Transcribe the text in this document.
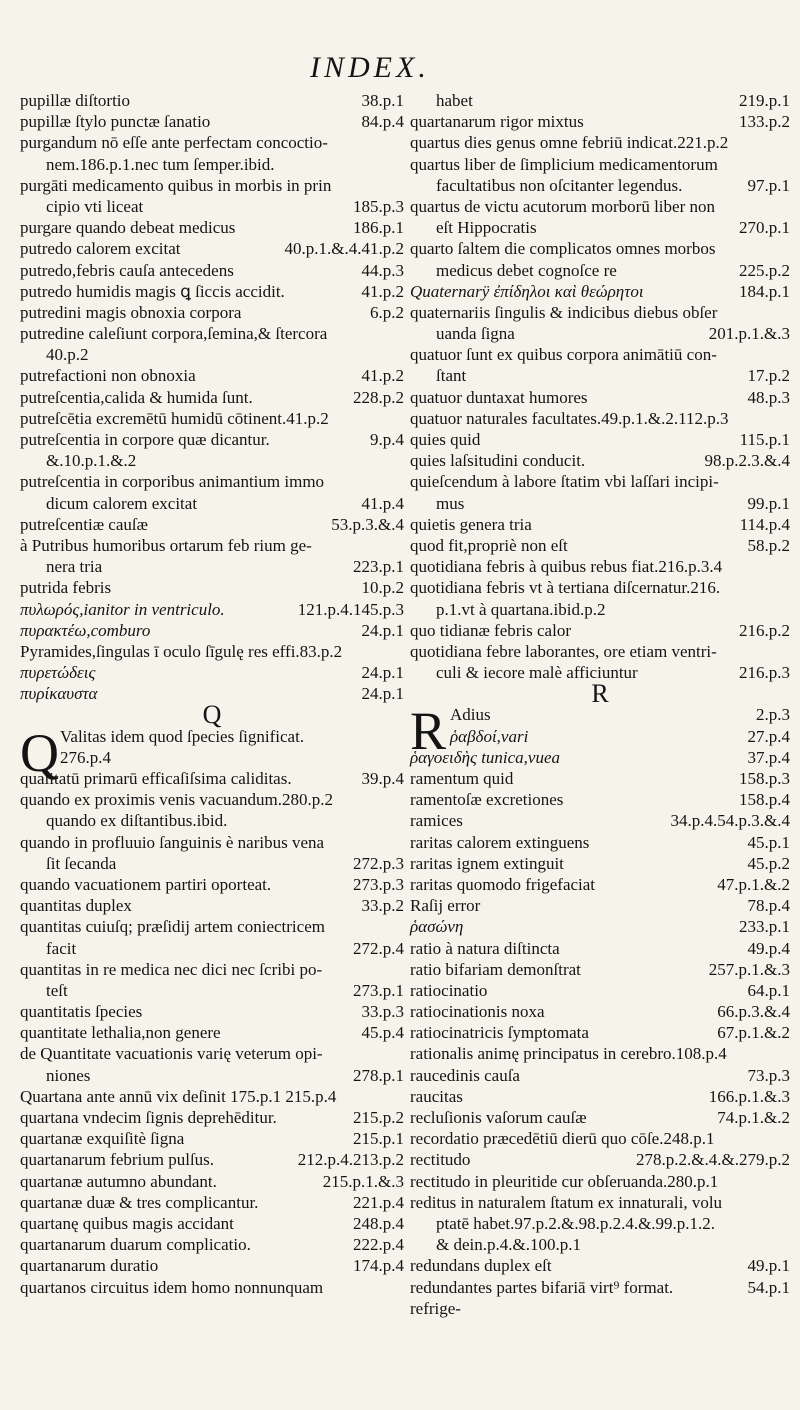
INDEX.
pupillæ diſtortio	38.p.1
pupillæ ſtylo punctæ ſanatio	84.p.4
purgandum nō eſſe ante perfectam concoctio-
nem.186.p.1.nec tum ſemper.ibid.
purgāti medicamento quibus in morbis in prin
cipio vti liceat	185.p.3
purgare quando debeat medicus	186.p.1
putredo calorem excitat	40.p.1.&.4.41.p.2
putredo,febris cauſa antecedens	44.p.3
putredo humidis magis ꝗ ſiccis accidit.	41.p.2
putredini magis obnoxia corpora	6.p.2
putredine caleſiunt corpora,ſemina,& ſtercora
40.p.2
putrefactioni non obnoxia	41.p.2
putreſcentia,calida & humida ſunt.	228.p.2
putreſcētia excremētū humidū cōtinent.41.p.2
putreſcentia in corpore quæ dicantur.	9.p.4
&.10.p.1.&.2
putreſcentia in corporibus animantium immo
dicum calorem excitat	41.p.4
putreſcentiæ cauſæ	53.p.3.&.4
à Putribus humoribus ortarum feb rium ge-
nera tria	223.p.1
putrida febris	10.p.2
πυλωρός,ianitor in ventriculo.	121.p.4.145.p.3
πυρακτέω,comburo	24.p.1
Pyramides,ſingulas ī oculo ſīgulę res effi.83.p.2
πυρετώδεις	24.p.1
πυρίκαυστα	24.p.1
Q
Q Valitas idem quod ſpecies ſignificat.
276.p.4
qualitatū primarū efficaſiſsima caliditas.	39.p.4
quando ex proximis venis vacuandum.280.p.2
quando ex diſtantibus.ibid.
quando in profluuio ſanguinis è naribus vena
ſit ſecanda	272.p.3
quando vacuationem partiri oporteat.	273.p.3
quantitas duplex	33.p.2
quantitas cuiuſq; præſidij artem coniectricem
facit	272.p.4
quantitas in re medica nec dici nec ſcribi po-
teſt	273.p.1
quantitatis ſpecies	33.p.3
quantitate lethalia,non genere	45.p.4
de Quantitate vacuationis varię veterum opi-
niones	278.p.1
Quartana ante annū vix deſinit 175.p.1 215.p.4
quartana vndecim ſignis deprehēditur.	215.p.2
quartanæ exquiſitè ſigna	215.p.1
quartanarum febrium pulſus.	212.p.4.213.p.2
quartanæ autumno abundant.	215.p.1.&.3
quartanæ duæ & tres complicantur.	221.p.4
quartanę quibus magis accidant	248.p.4
quartanarum duarum complicatio.	222.p.4
quartanarum duratio	174.p.4
quartanos circuitus idem homo nonnunquam
habet	219.p.1
quartanarum rigor mixtus	133.p.2
quartus dies genus omne febriū indicat.221.p.2
quartus liber de ſimplicium medicamentorum
facultatibus non oſcitanter legendus.	97.p.1
quartus de victu acutorum morborū liber non
eſt Hippocratis	270.p.1
quarto ſaltem die complicatos omnes morbos
medicus debet cognoſce re	225.p.2
Quaternarÿ ἐπίδηλοι καὶ θεώρητοι	184.p.1
quaternariis ſingulis & indicibus diebus obſer
uanda ſigna	201.p.1.&.3
quatuor ſunt ex quibus corpora animātiū con-
ſtant	17.p.2
quatuor duntaxat humores	48.p.3
quatuor naturales facultates.49.p.1.&.2.112.p.3
quies quid	115.p.1
quies laſsitudini conducit.	98.p.2.3.&.4
quieſcendum à labore ſtatim vbi laſſari incipi-
mus	99.p.1
quietis genera tria	114.p.4
quod fit,propriè non eſt	58.p.2
quotidiana febris à quibus rebus fiat.216.p.3.4
quotidiana febris vt à tertiana diſcernatur.216.
p.1.vt à quartana.ibid.p.2
quo tidianæ febris calor	216.p.2
quotidiana febre laborantes, ore etiam ventri-
culi & iecore malè afficiuntur	216.p.3
R
R Adius	2.p.3
ῥαβδοί,vari	27.p.4
ῥαγοειδὴς tunica,vuea	37.p.4
ramentum quid	158.p.3
ramentoſæ excretiones	158.p.4
ramices	34.p.4.54.p.3.&.4
raritas calorem extinguens	45.p.1
raritas ignem extinguit	45.p.2
raritas quomodo frigefaciat	47.p.1.&.2
Raſij error	78.p.4
ῥασώνη	233.p.1
ratio à natura diſtincta	49.p.4
ratio bifariam demonſtrat	257.p.1.&.3
ratiocinatio	64.p.1
ratiocinationis noxa	66.p.3.&.4
ratiocinatricis ſymptomata	67.p.1.&.2
rationalis animę principatus in cerebro.108.p.4
raucedinis cauſa	73.p.3
raucitas	166.p.1.&.3
recluſionis vaſorum cauſæ	74.p.1.&.2
recordatio præcedētiū dierū quo cōſe.248.p.1
rectitudo	278.p.2.&.4.&.279.p.2
rectitudo in pleuritide cur obſeruanda.280.p.1
reditus in naturalem ſtatum ex innaturali, volu
ptatē habet.97.p.2.&.98.p.2.4.&.99.p.1.2.
& dein.p.4.&.100.p.1
redundans duplex eſt	49.p.1
redundantes partes bifariā virt⁹ format.	54.p.1
refrige-
